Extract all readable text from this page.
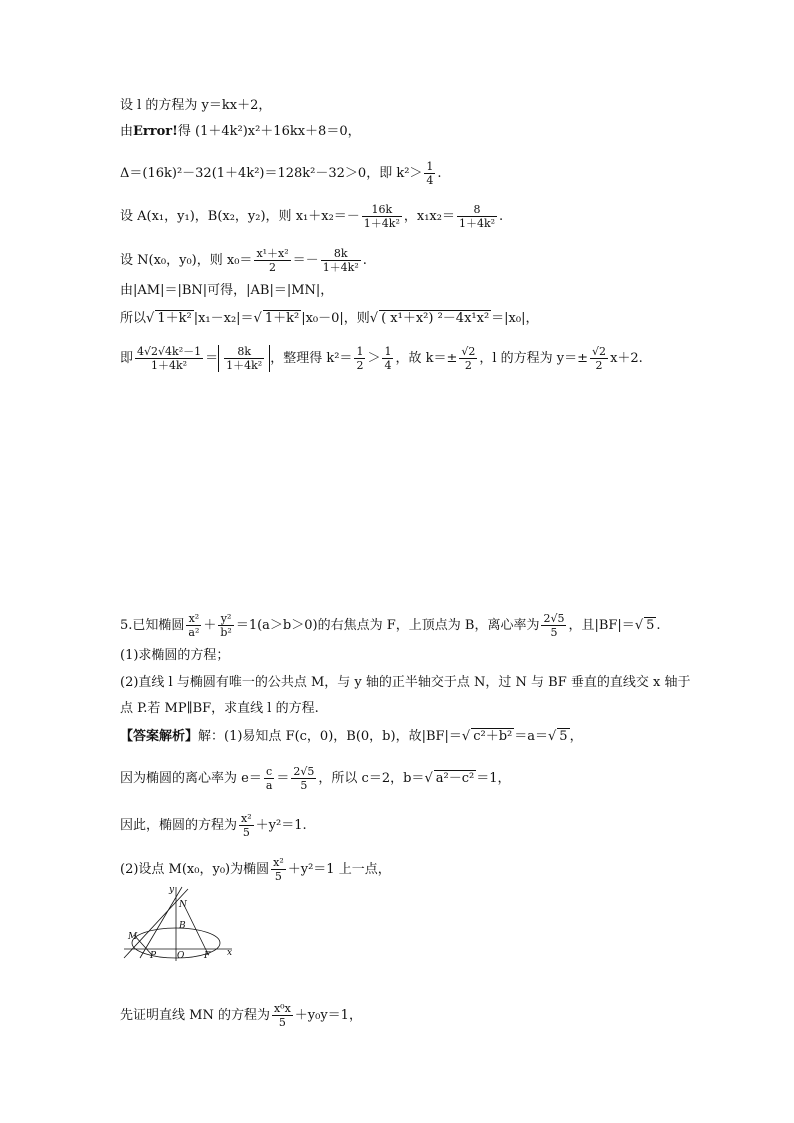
设 l 的方程为 y＝kx＋2，
由Error!得 (1＋4k²)x²＋16kx＋8＝0，
Δ＝(16k)²－32(1＋4k²)＝128k²－32＞0，即 $k^2> \frac{1}{4}$ .
设 A(x₁，y₁)，B(x₂，y₂)，则 $x_1+x_2=- \frac{16k}{\text{1＋4k²}}$ ，$x_1x_2= \frac{8}{\text{1＋4k²}}$ .
设 N(x₀，y₀)，则 $x_0= \frac{\text{x¹＋x²}}{2} =- \frac{8k}{\text{1＋4k²}}$ .
由|AM|＝|BN|可得，|AB|＝|MN|，
所以√ 1＋k² |x₁－x₂|＝√ 1＋k² |x₀－0|，则√ ( x¹＋x²) ²－4x¹x² ＝|x₀|，
即 $\frac{\text{4√2√4k²－1}}{\text{1＋4k²}} = \frac{8k}{\text{1＋4k²}}$ ，整理得 $k^2= \frac{1}{2} > \frac{1}{4}$ ，故 $k=\pm \frac{√2}{2}$ ，l 的方程为 $y=\pm \frac{√2}{2} x+2$.
5.已知椭圆 $\frac{\text{x²}}{\text{a²}} + \frac{\text{y²}}{\text{b²}} =1(a>b>0)$的右焦点为 F，上顶点为 B，离心率为 $\frac{2√5}{5}$ ，且|BF|＝√ 5 .
(1)求椭圆的方程；
(2)直线 l 与椭圆有唯一的公共点 M，与 y 轴的正半轴交于点 N，过 N 与 BF 垂直的直线交 x 轴于
点 P.若 MP∥BF，求直线 l 的方程.
【答案解析】解：(1)易知点 F(c，0)，B(0，b)，故|BF|＝√ c²＋b² ＝a＝√ 5 ，
因为椭圆的离心率为 $e= \frac{c}{a} = \frac{2√5}{5}$ ，所以 c＝2，b＝√ a²－c² ＝1，
因此，椭圆的方程为 $\frac{\text{x²}}{5} +y^2=1$.
(2)设点 M(x₀，y₀)为椭圆 $\frac{\text{x²}}{5} +y^2=1$ 上一点，
y
N
B
M
P O F x
先证明直线 MN 的方程为 $\frac{\text{x⁰x}}{5} +y_0y=1$，
